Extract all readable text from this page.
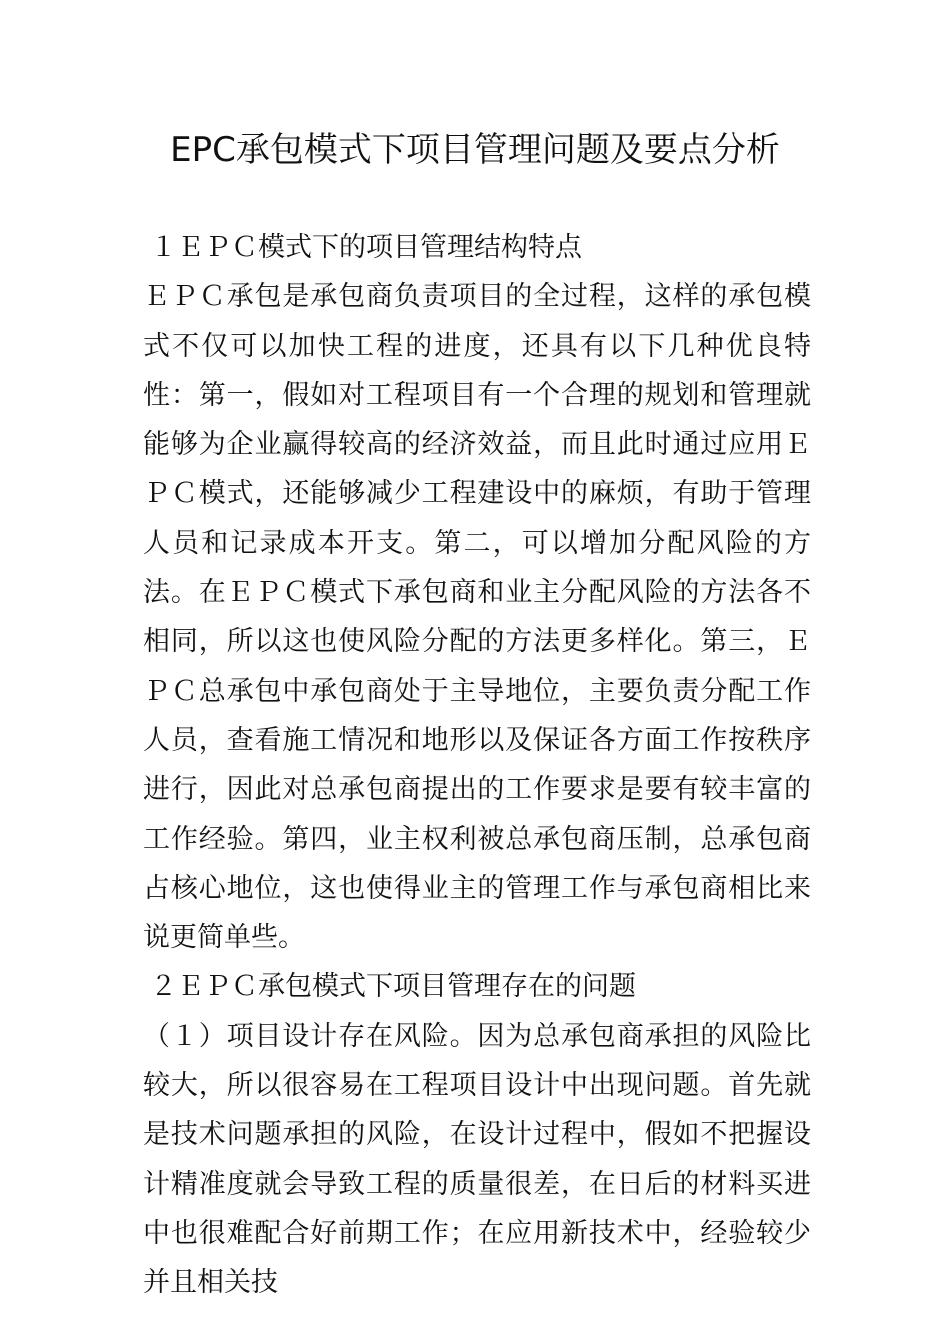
EPC承包模式下项目管理问题及要点分析

１ＥＰＣ模式下的项目管理结构特点

ＥＰＣ承包是承包商负责项目的全过程，这样的承包模式不仅可以加快工程的进度，还具有以下几种优良特性：第一，假如对工程项目有一个合理的规划和管理就能够为企业赢得较高的经济效益，而且此时通过应用ＥＰＣ模式，还能够减少工程建设中的麻烦，有助于管理人员和记录成本开支。第二，可以增加分配风险的方法。在ＥＰＣ模式下承包商和业主分配风险的方法各不相同，所以这也使风险分配的方法更多样化。第三，ＥＰＣ总承包中承包商处于主导地位，主要负责分配工作人员，查看施工情况和地形以及保证各方面工作按秩序进行，因此对总承包商提出的工作要求是要有较丰富的工作经验。第四，业主权利被总承包商压制，总承包商占核心地位，这也使得业主的管理工作与承包商相比来说更简单些。

２ＥＰＣ承包模式下项目管理存在的问题

（１）项目设计存在风险。因为总承包商承担的风险比较大，所以很容易在工程项目设计中出现问题。首先就是技术问题承担的风险，在设计过程中，假如不把握设计精准度就会导致工程的质量很差，在日后的材料买进中也很难配合好前期工作；在应用新技术中，经验较少并且相关技
